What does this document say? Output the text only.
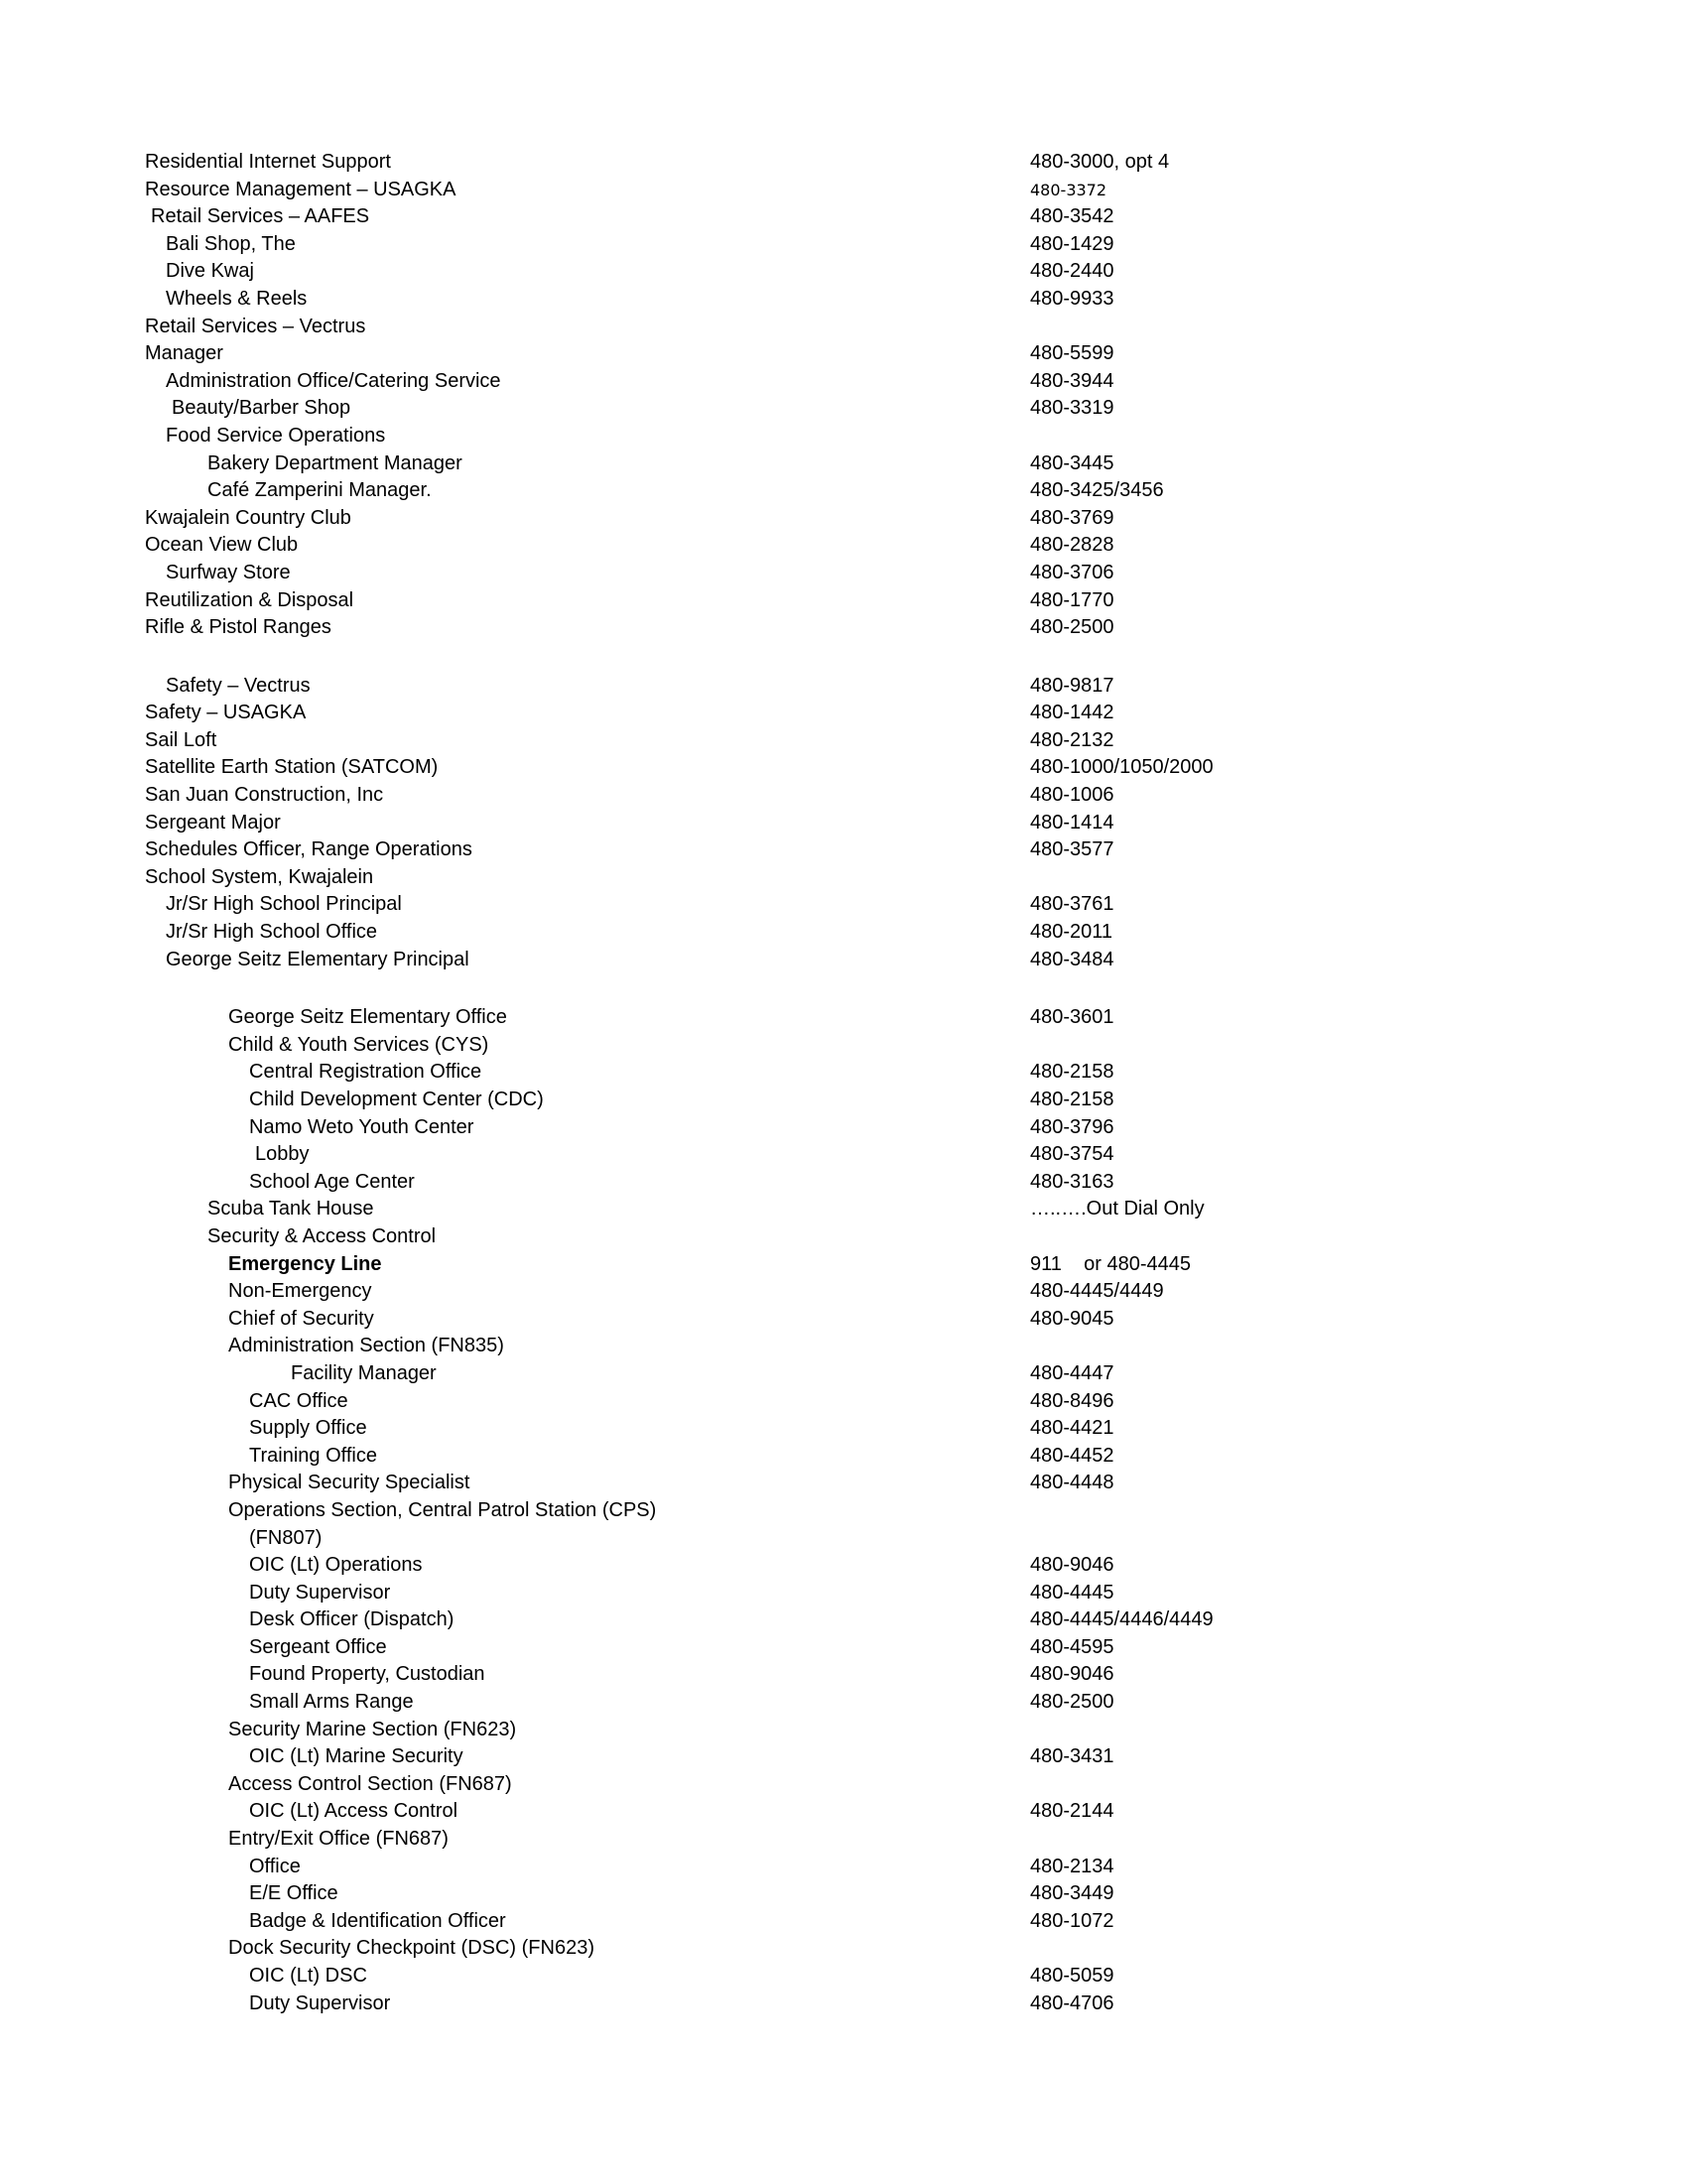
Residential Internet Support	480-3000, opt 4
Resource Management – USAGKA	480-3372
Retail Services – AAFES	480-3542
Bali Shop, The	480-1429
Dive Kwaj	480-2440
Wheels & Reels	480-9933
Retail Services – Vectrus
Manager	480-5599
Administration Office/Catering Service	480-3944
Beauty/Barber Shop	480-3319
Food Service Operations
Bakery Department Manager	480-3445
Café Zamperini Manager.	480-3425/3456
Kwajalein Country Club	480-3769
Ocean View Club	480-2828
Surfway Store	480-3706
Reutilization & Disposal	480-1770
Rifle & Pistol Ranges	480-2500
Safety – Vectrus	480-9817
Safety – USAGKA	480-1442
Sail Loft	480-2132
Satellite Earth Station (SATCOM)	480-1000/1050/2000
San Juan Construction, Inc	480-1006
Sergeant Major	480-1414
Schedules Officer, Range Operations	480-3577
School System, Kwajalein
Jr/Sr High School Principal	480-3761
Jr/Sr High School Office	480-2011
George Seitz Elementary Principal	480-3484
George Seitz Elementary Office	480-3601
Child & Youth Services (CYS)
Central Registration Office	480-2158
Child Development Center (CDC)	480-2158
Namo Weto Youth Center	480-3796
Lobby	480-3754
School Age Center	480-3163
Scuba Tank House	…..….Out Dial Only
Security & Access Control
Emergency Line	911    or 480-4445
Non-Emergency	480-4445/4449
Chief of Security	480-9045
Administration Section (FN835)
Facility Manager	480-4447
CAC Office	480-8496
Supply Office	480-4421
Training Office	480-4452
Physical Security Specialist	480-4448
Operations Section, Central Patrol Station (CPS)
(FN807)
OIC (Lt) Operations	480-9046
Duty Supervisor	480-4445
Desk Officer (Dispatch)	480-4445/4446/4449
Sergeant Office	480-4595
Found Property, Custodian	480-9046
Small Arms Range	480-2500
Security Marine Section (FN623)
OIC (Lt) Marine Security	480-3431
Access Control Section (FN687)
OIC (Lt) Access Control	480-2144
Entry/Exit Office (FN687)
Office	480-2134
E/E Office	480-3449
Badge & Identification Officer	480-1072
Dock Security Checkpoint (DSC) (FN623)
OIC (Lt) DSC	480-5059
Duty Supervisor	480-4706
